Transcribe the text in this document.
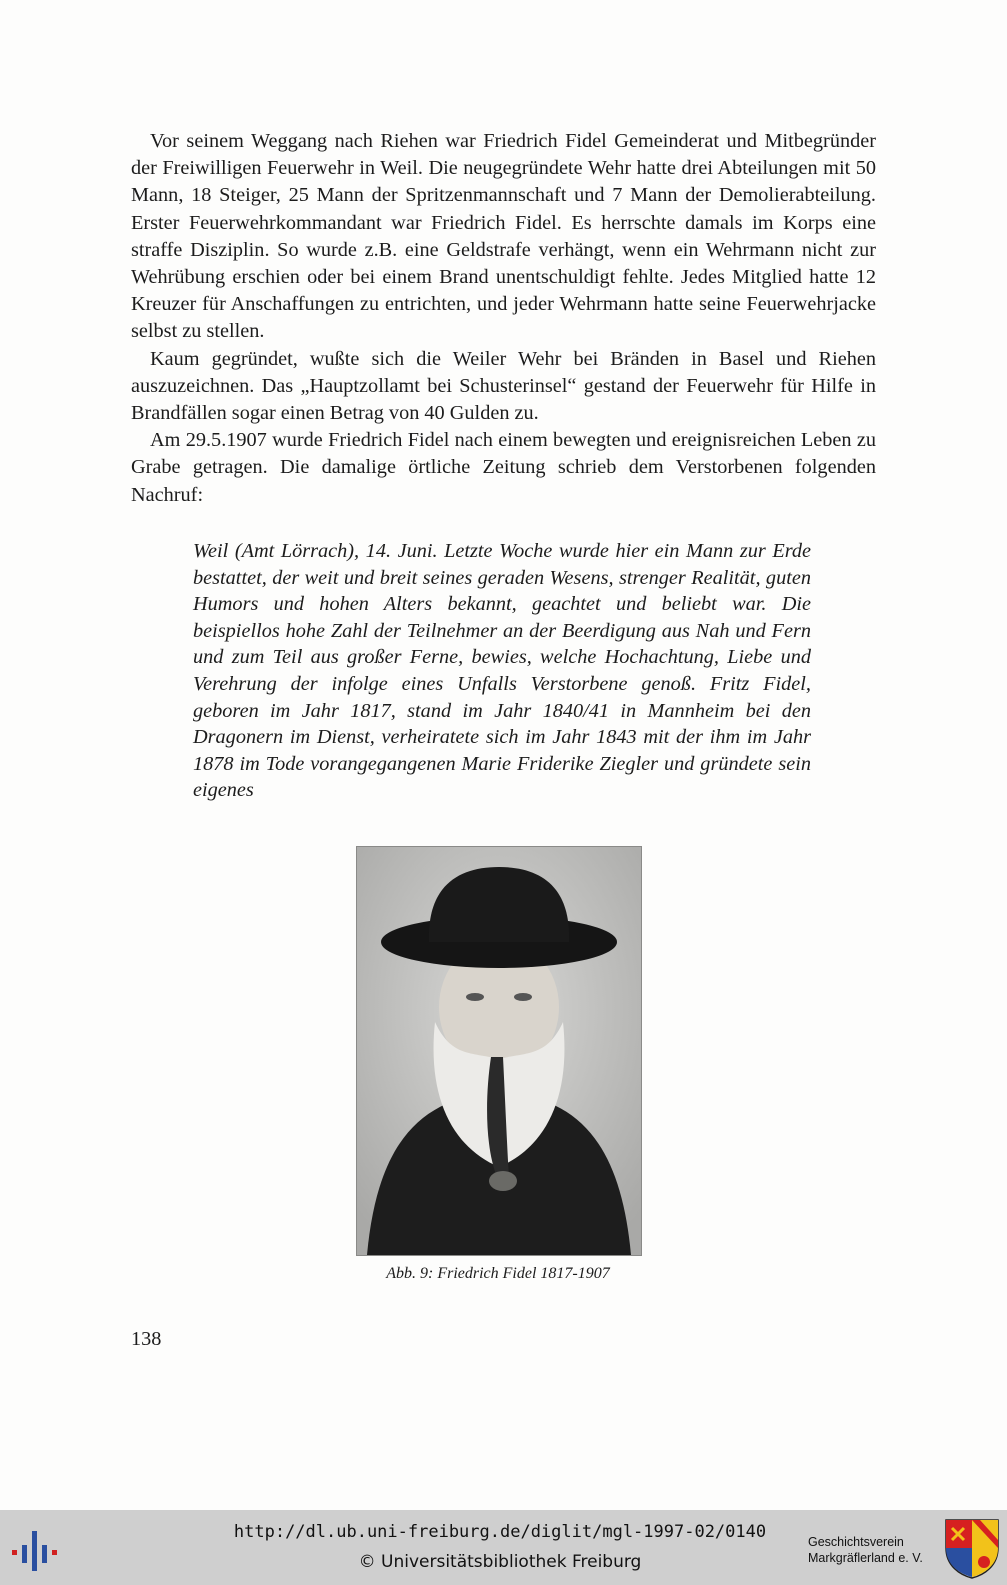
Vor seinem Weggang nach Riehen war Friedrich Fidel Gemeinderat und Mitbegründer der Freiwilligen Feuerwehr in Weil. Die neugegründete Wehr hatte drei Abteilungen mit 50 Mann, 18 Steiger, 25 Mann der Spritzenmannschaft und 7 Mann der Demolierabteilung. Erster Feuerwehrkommandant war Friedrich Fidel. Es herrschte damals im Korps eine straffe Disziplin. So wurde z.B. eine Geldstrafe verhängt, wenn ein Wehrmann nicht zur Wehrübung erschien oder bei einem Brand unentschuldigt fehlte. Jedes Mitglied hatte 12 Kreuzer für Anschaffungen zu entrichten, und jeder Wehrmann hatte seine Feuerwehrjacke selbst zu stellen.

Kaum gegründet, wußte sich die Weiler Wehr bei Bränden in Basel und Riehen auszuzeichnen. Das „Hauptzollamt bei Schusterinsel“ gestand der Feuerwehr für Hilfe in Brandfällen sogar einen Betrag von 40 Gulden zu.

Am 29.5.1907 wurde Friedrich Fidel nach einem bewegten und ereignisreichen Leben zu Grabe getragen. Die damalige örtliche Zeitung schrieb dem Verstorbenen folgenden Nachruf:

Weil (Amt Lörrach), 14. Juni. Letzte Woche wurde hier ein Mann zur Erde bestattet, der weit und breit seines geraden Wesens, strenger Realität, guten Humors und hohen Alters bekannt, geachtet und beliebt war. Die beispiellos hohe Zahl der Teilnehmer an der Beerdigung aus Nah und Fern und zum Teil aus großer Ferne, bewies, welche Hochachtung, Liebe und Verehrung der infolge eines Unfalls Verstorbene genoß. Fritz Fidel, geboren im Jahr 1817, stand im Jahr 1840/41 in Mannheim bei den Dragonern im Dienst, verheiratete sich im Jahr 1843 mit der ihm im Jahr 1878 im Tode vorangegangenen Marie Friderike Ziegler und gründete sein eigenes
Abb. 9: Friedrich Fidel 1817-1907
138
http://dl.ub.uni-freiburg.de/diglit/mgl-1997-02/0140
© Universitätsbibliothek Freiburg
Geschichtsverein
Markgräflerland e. V.
